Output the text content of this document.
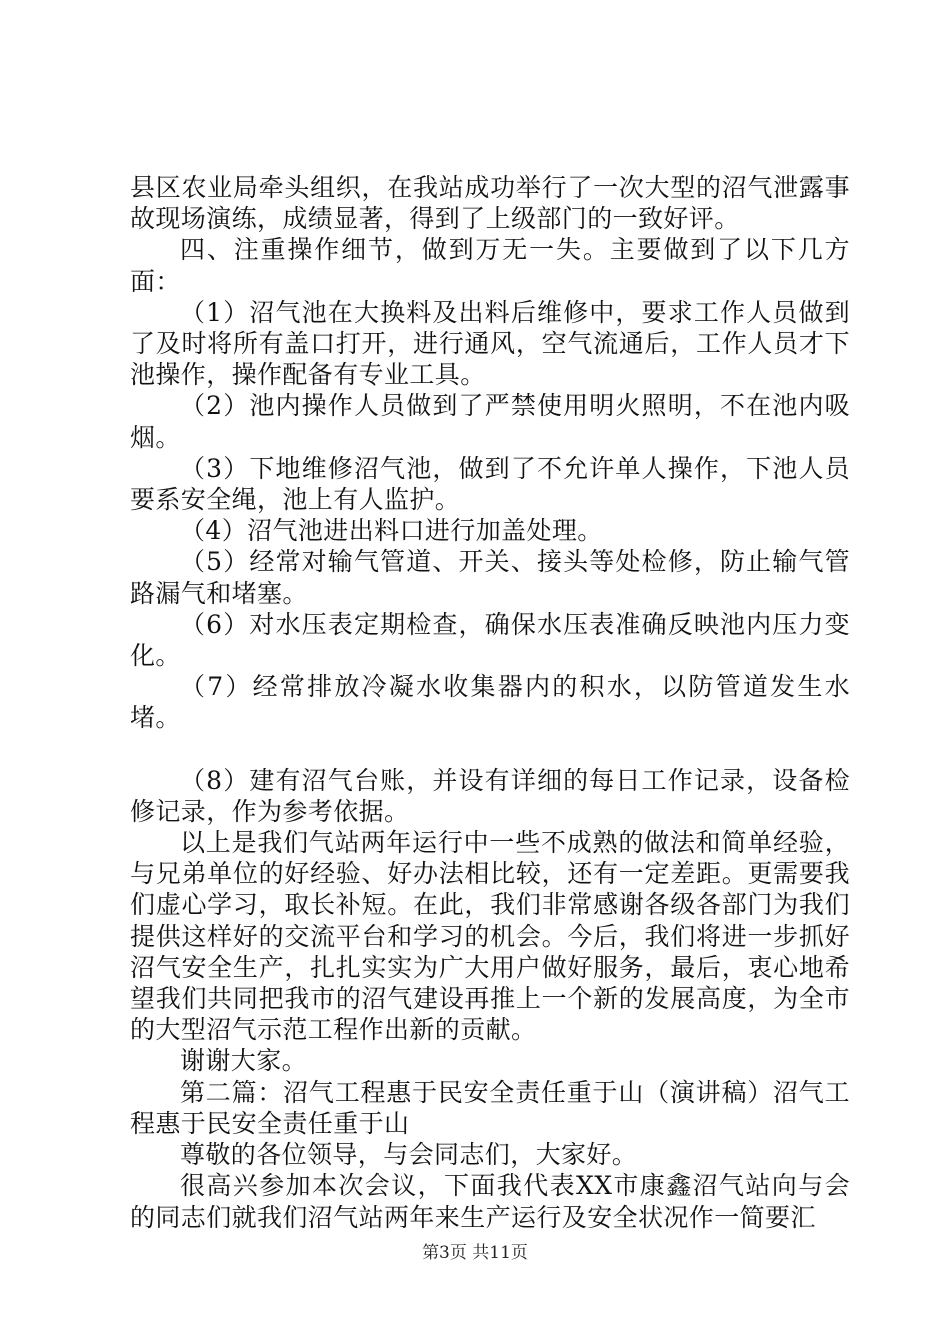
县区农业局牵头组织，在我站成功举行了一次大型的沼气泄露事故现场演练，成绩显著，得到了上级部门的一致好评。

四、注重操作细节，做到万无一失。主要做到了以下几方面：

（1）沼气池在大换料及出料后维修中，要求工作人员做到了及时将所有盖口打开，进行通风，空气流通后，工作人员才下池操作，操作配备有专业工具。

（2）池内操作人员做到了严禁使用明火照明，不在池内吸烟。

（3）下地维修沼气池，做到了不允许单人操作，下池人员要系安全绳，池上有人监护。

（4）沼气池进出料口进行加盖处理。

（5）经常对输气管道、开关、接头等处检修，防止输气管路漏气和堵塞。

（6）对水压表定期检查，确保水压表准确反映池内压力变化。

（7）经常排放冷凝水收集器内的积水，以防管道发生水堵。

（8）建有沼气台账，并设有详细的每日工作记录，设备检修记录，作为参考依据。

以上是我们气站两年运行中一些不成熟的做法和简单经验，与兄弟单位的好经验、好办法相比较，还有一定差距。更需要我们虚心学习，取长补短。在此，我们非常感谢各级各部门为我们提供这样好的交流平台和学习的机会。今后，我们将进一步抓好沼气安全生产，扎扎实实为广大用户做好服务，最后，衷心地希望我们共同把我市的沼气建设再推上一个新的发展高度，为全市的大型沼气示范工程作出新的贡献。

谢谢大家。

第二篇：沼气工程惠于民安全责任重于山（演讲稿）沼气工程惠于民安全责任重于山

尊敬的各位领导，与会同志们，大家好。

很高兴参加本次会议，下面我代表XX市康鑫沼气站向与会的同志们就我们沼气站两年来生产运行及安全状况作一简要汇

第3页 共11页
